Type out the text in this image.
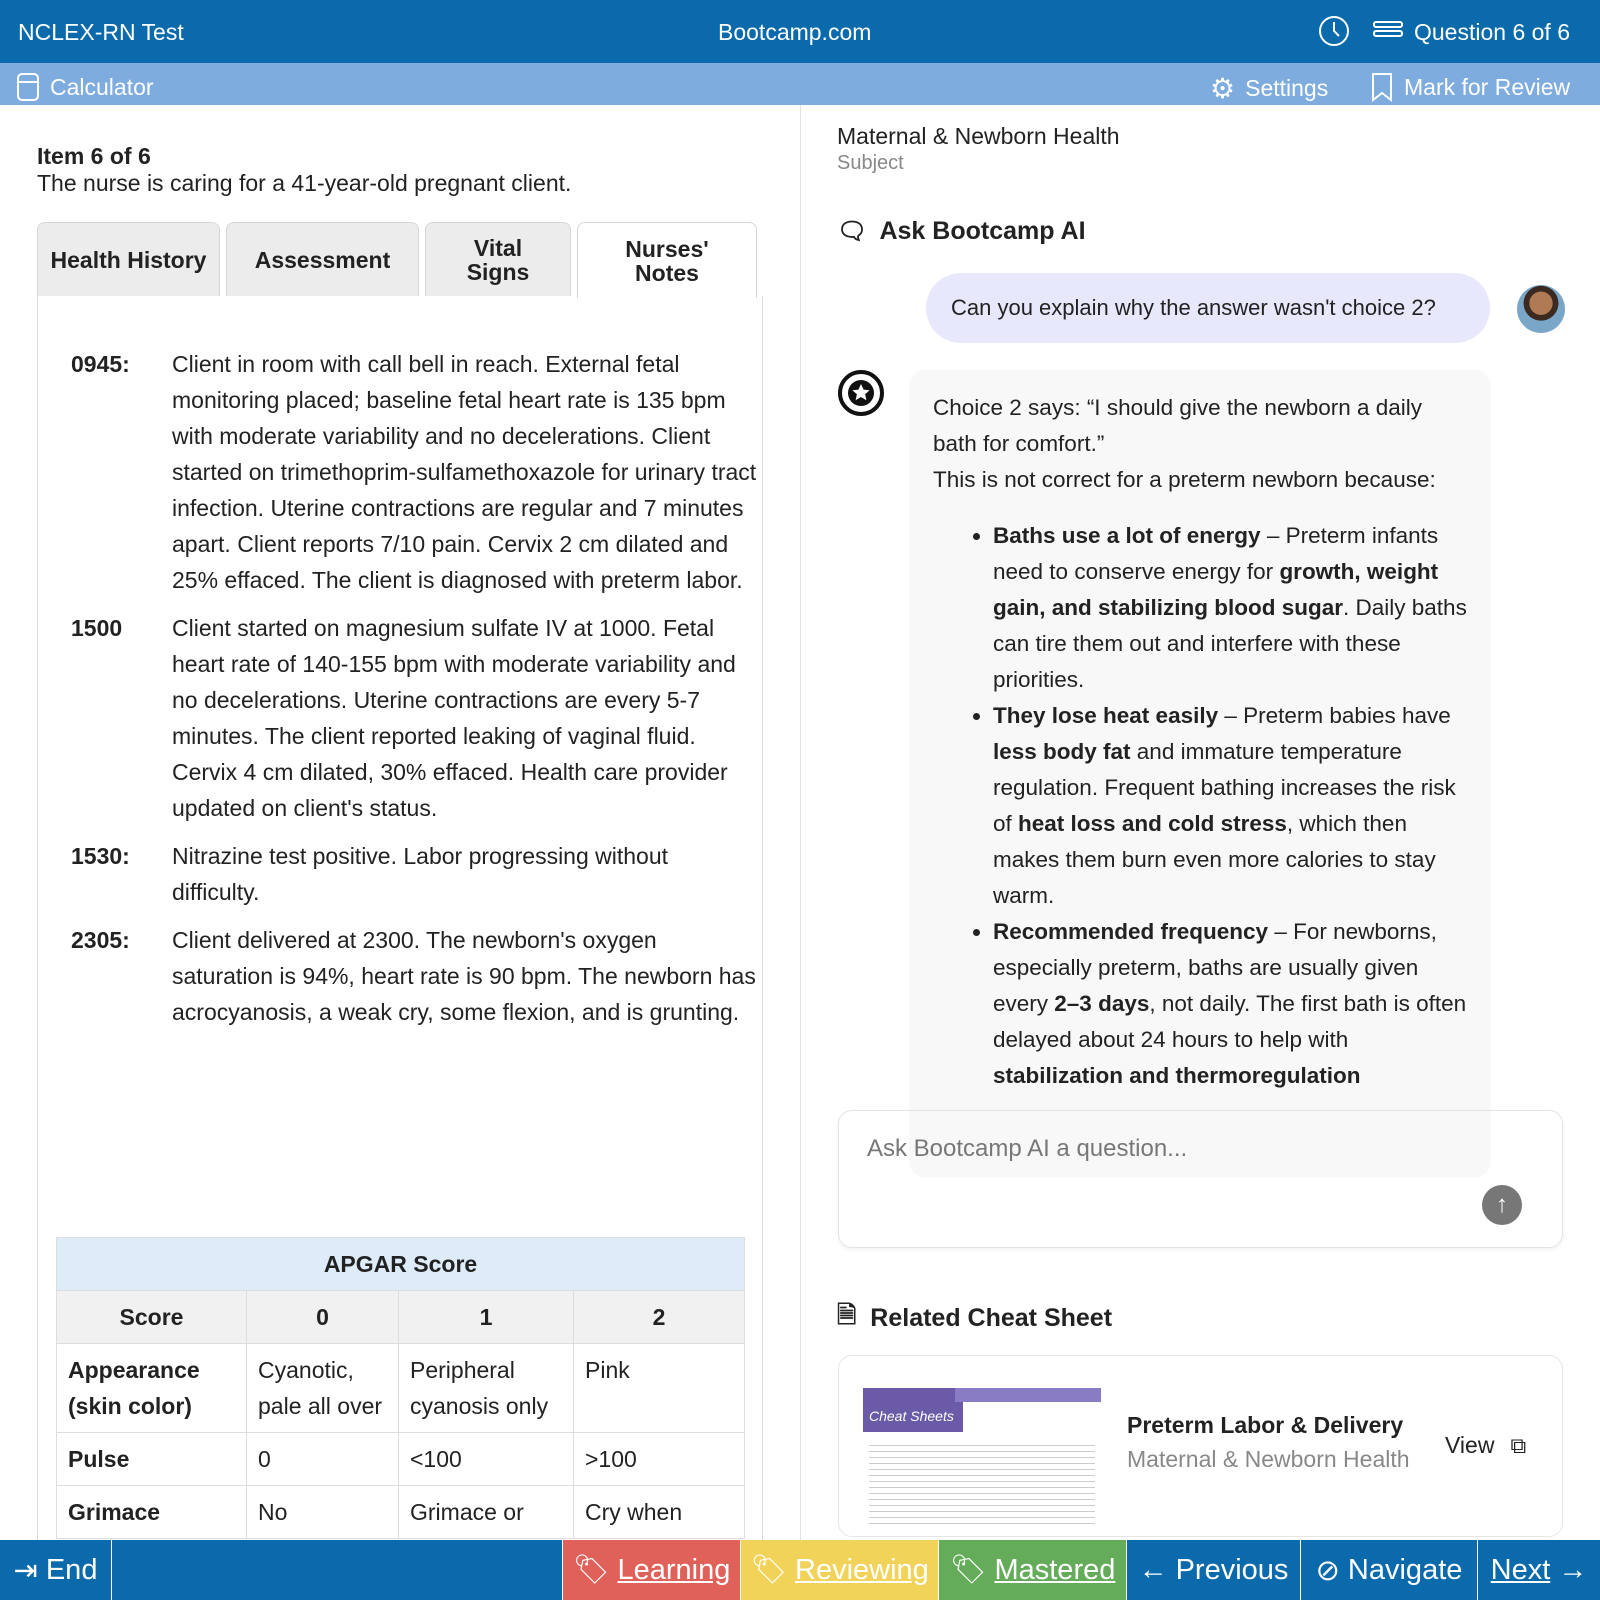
NCLEX-RN Test	Bootcamp.com	Question 6 of 6
Calculator	⚙ Settings	Mark for Review
Item 6 of 6
The nurse is caring for a 41-year-old pregnant client.
Health History	Assessment	Vital Signs
Nurses' Notes
0945:	Client in room with call bell in reach. External fetal monitoring placed; baseline fetal heart rate is 135 bpm with moderate variability and no decelerations. Client started on trimethoprim-sulfamethoxazole for urinary tract infection. Uterine contractions are regular and 7 minutes apart. Client reports 7/10 pain. Cervix 2 cm dilated and 25% effaced. The client is diagnosed with preterm labor.
1500	Client started on magnesium sulfate IV at 1000. Fetal heart rate of 140-155 bpm with moderate variability and no decelerations. Uterine contractions are every 5-7 minutes. The client reported leaking of vaginal fluid. Cervix 4 cm dilated, 30% effaced. Health care provider updated on client's status.
1530:	Nitrazine test positive. Labor progressing without difficulty.
2305:	Client delivered at 2300. The newborn's oxygen saturation is 94%, heart rate is 90 bpm. The newborn has acrocyanosis, a weak cry, some flexion, and is grunting.
APGAR Score			
Score	0	1	2
Appearance (skin color)	Cyanotic, pale all over	Peripheral cyanosis only	Pink
Pulse	0	<100	>100
Grimace	No	Grimace or	Cry when
Maternal & Newborn Health
Subject
🗨 Ask Bootcamp AI
Can you explain why the answer wasn't choice 2?
Choice 2 says: “I should give the newborn a daily bath for comfort.”
This is not correct for a preterm newborn because:
• Baths use a lot of energy – Preterm infants need to conserve energy for growth, weight gain, and stabilizing blood sugar. Daily baths can tire them out and interfere with these priorities.
• They lose heat easily – Preterm babies have less body fat and immature temperature regulation. Frequent bathing increases the risk of heat loss and cold stress, which then makes them burn even more calories to stay warm.
• Recommended frequency – For newborns, especially preterm, baths are usually given every 2–3 days, not daily. The first bath is often delayed about 24 hours to help with stabilization and thermoregulation
Ask Bootcamp AI a question...
↑
🗎 Related Cheat Sheet
Cheat Sheets	Preterm Labor & Delivery
Maternal & Newborn Health
View ⧉
⇥ End	🏷 Learning 🏷 Reviewing 🏷 Mastered ← Previous ⊘ Navigate Next →
